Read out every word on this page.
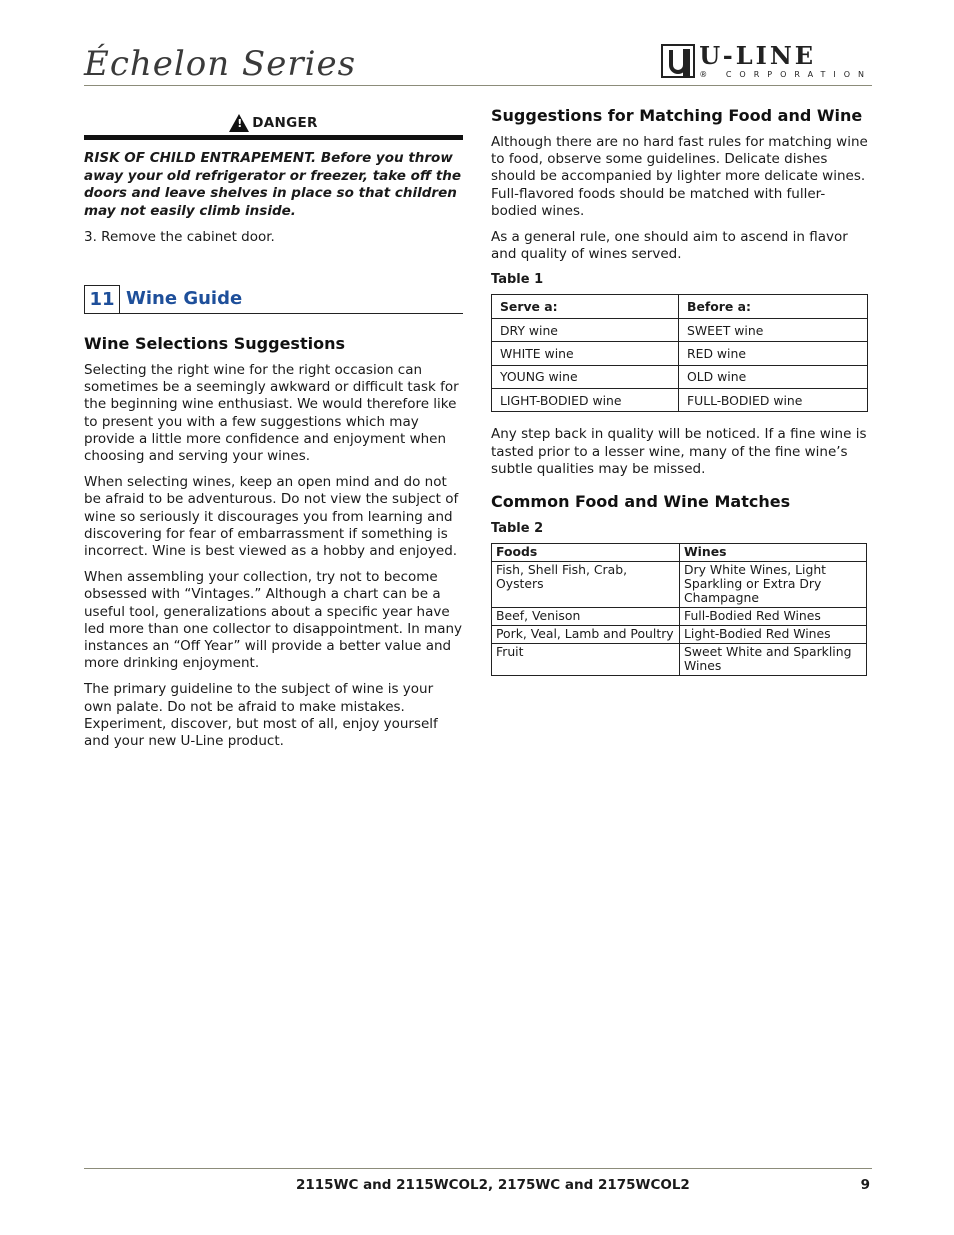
Échelon Series	U-LINE
® CORPORATION
! DANGER

RISK OF CHILD ENTRAPEMENT. Before you throw away your old refrigerator or freezer, take off the doors and leave shelves in place so that children may not easily climb inside.

3. Remove the cabinet door.

11 Wine Guide
Wine Selections Suggestions

Selecting the right wine for the right occasion can sometimes be a seemingly awkward or difficult task for the beginning wine enthusiast. We would therefore like to present you with a few suggestions which may provide a little more confidence and enjoyment when choosing and serving your wines.

When selecting wines, keep an open mind and do not be afraid to be adventurous. Do not view the subject of wine so seriously it discourages you from learning and discovering for fear of embarrassment if something is incorrect. Wine is best viewed as a hobby and enjoyed.

When assembling your collection, try not to become obsessed with “Vintages.” Although a chart can be a useful tool, generalizations about a specific year have led more than one collector to disappointment. In many instances an “Off Year” will provide a better value and more drinking enjoyment.

The primary guideline to the subject of wine is your own palate. Do not be afraid to make mistakes. Experiment, discover, but most of all, enjoy yourself and your new U-Line product.

Suggestions for Matching Food and Wine

Although there are no hard fast rules for matching wine to food, observe some guidelines. Delicate dishes should be accompanied by lighter more delicate wines. Full-flavored foods should be matched with fuller-bodied wines.

As a general rule, one should aim to ascend in flavor and quality of wines served.

Table 1
Serve a:	Before a:
DRY wine	SWEET wine
WHITE wine	RED wine
YOUNG wine	OLD wine
LIGHT-BODIED wine	FULL-BODIED wine

Any step back in quality will be noticed. If a fine wine is tasted prior to a lesser wine, many of the fine wine’s subtle qualities may be missed.

Common Food and Wine Matches
Table 2
Foods	Wines
Fish, Shell Fish, Crab, Oysters	Dry White Wines, Light Sparkling or Extra Dry Champagne
Beef, Venison	Full-Bodied Red Wines
Pork, Veal, Lamb and Poultry	Light-Bodied Red Wines
Fruit	Sweet White and Sparkling Wines
2115WC and 2115WCOL2, 2175WC and 2175WCOL2	9
